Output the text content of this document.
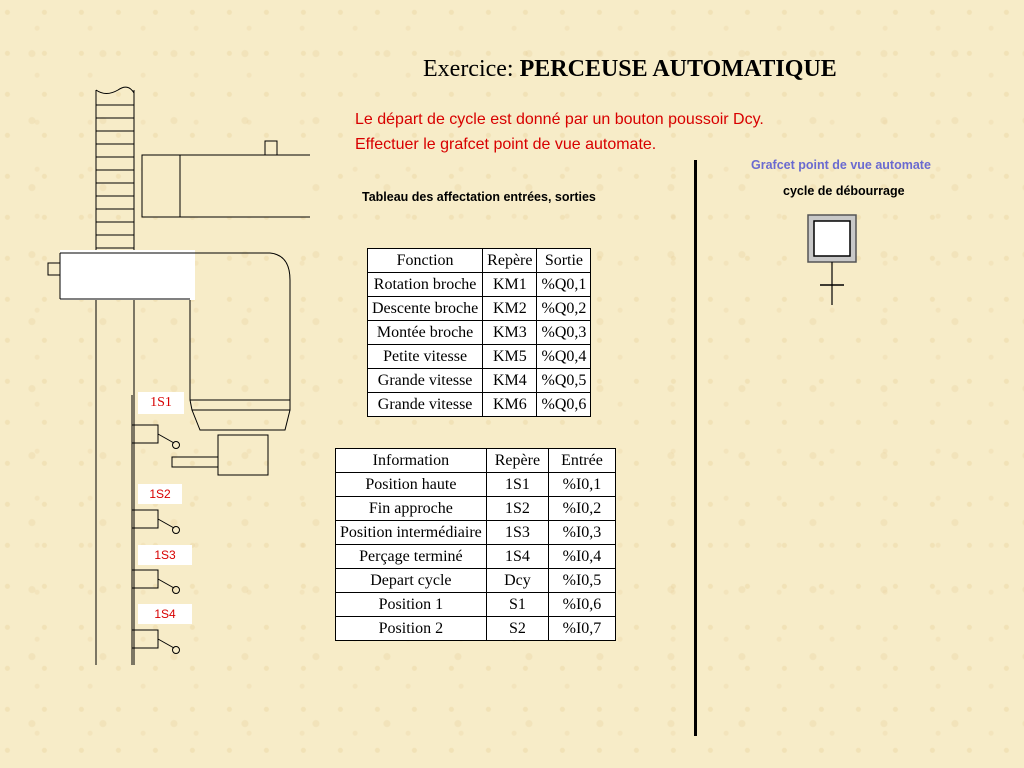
Exercice: PERCEUSE AUTOMATIQUE
Le départ de cycle est donné par un bouton poussoir Dcy.
Effectuer le grafcet point de vue automate.
Grafcet point de vue automate
cycle de débourrage
Tableau des affectation entrées, sorties
1S1
1S2
1S3
1S4
Fonction	Repère	Sortie
Rotation broche	KM1	%Q0,1
Descente broche	KM2	%Q0,2
Montée broche	KM3	%Q0,3
Petite vitesse	KM5	%Q0,4
Grande vitesse	KM4	%Q0,5
Grande vitesse	KM6	%Q0,6
Information	Repère	Entrée
Position haute	1S1	%I0,1
Fin approche	1S2	%I0,2
Position intermédiaire	1S3	%I0,3
Perçage terminé	1S4	%I0,4
Depart cycle	Dcy	%I0,5
Position 1	S1	%I0,6
Position 2	S2	%I0,7
